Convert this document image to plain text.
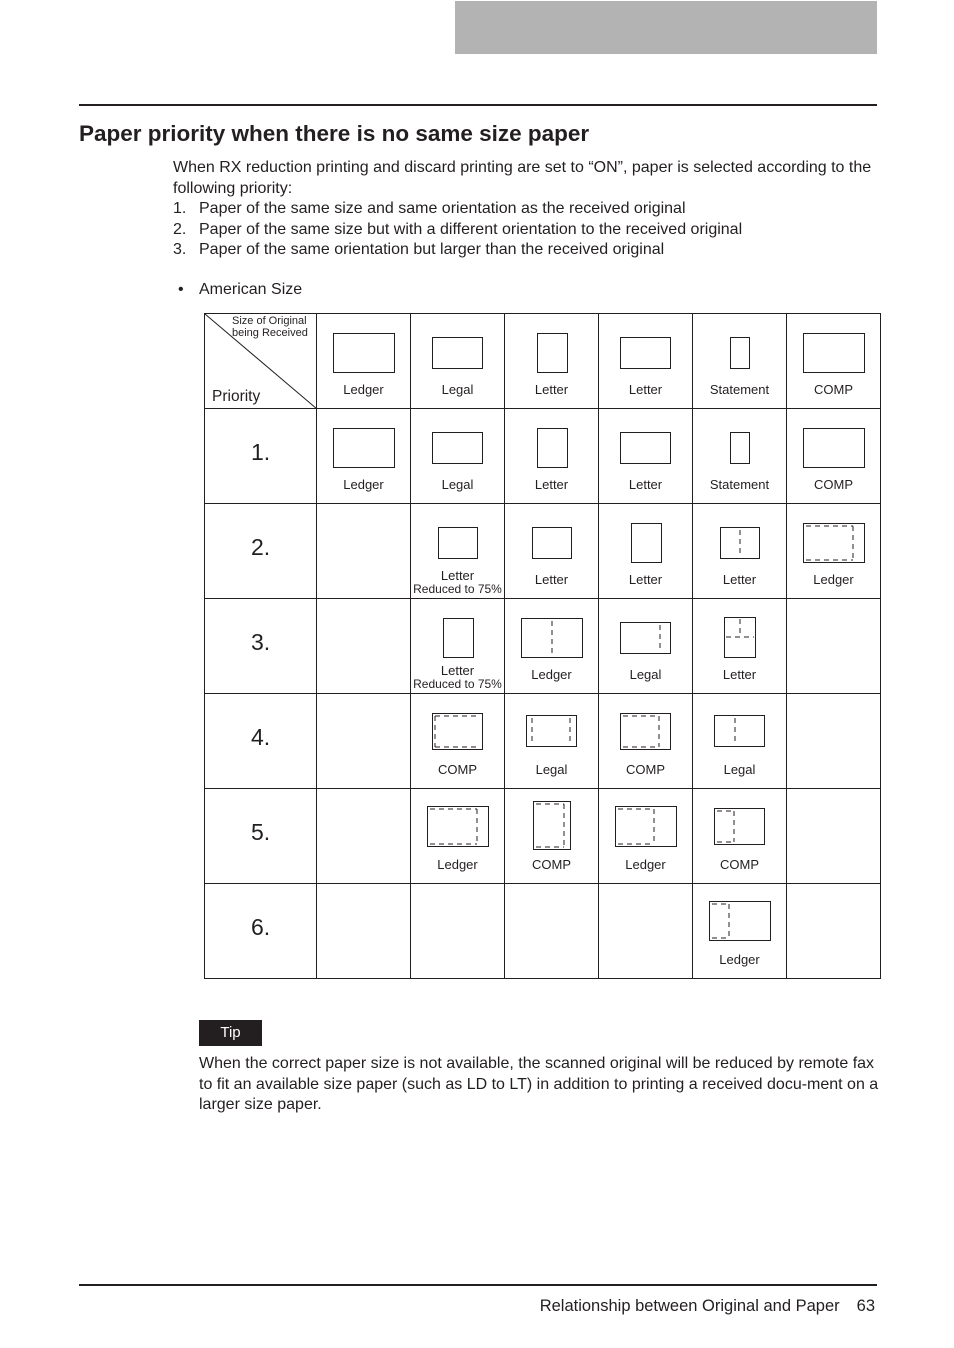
Paper priority when there is no same size paper

When RX reduction printing and discard printing are set to “ON”, paper is selected according to the following priority:

1. Paper of the same size and same orientation as the received original
2. Paper of the same size but with a different orientation to the received original
3. Paper of the same orientation but larger than the received original
• American Size
Size of Original being Received
Priority	Ledger	Legal	Letter	Letter	Statement	COMP

1.	Ledger	Legal	Letter	Letter	Statement	COMP

2.		Letter
Reduced to 75%	Letter	Letter	Letter	Ledger

3.		Letter
Reduced to 75%	Ledger	Legal	Letter	

4.		COMP	Legal	COMP	Legal	

5.		Ledger	COMP	Ledger	COMP	

6.					Ledger	

Tip

When the correct paper size is not available, the scanned original will be reduced by remote fax to fit an available size paper (such as LD to LT) in addition to printing a received docu-ment on a larger size paper.

Relationship between Original and Paper 63
